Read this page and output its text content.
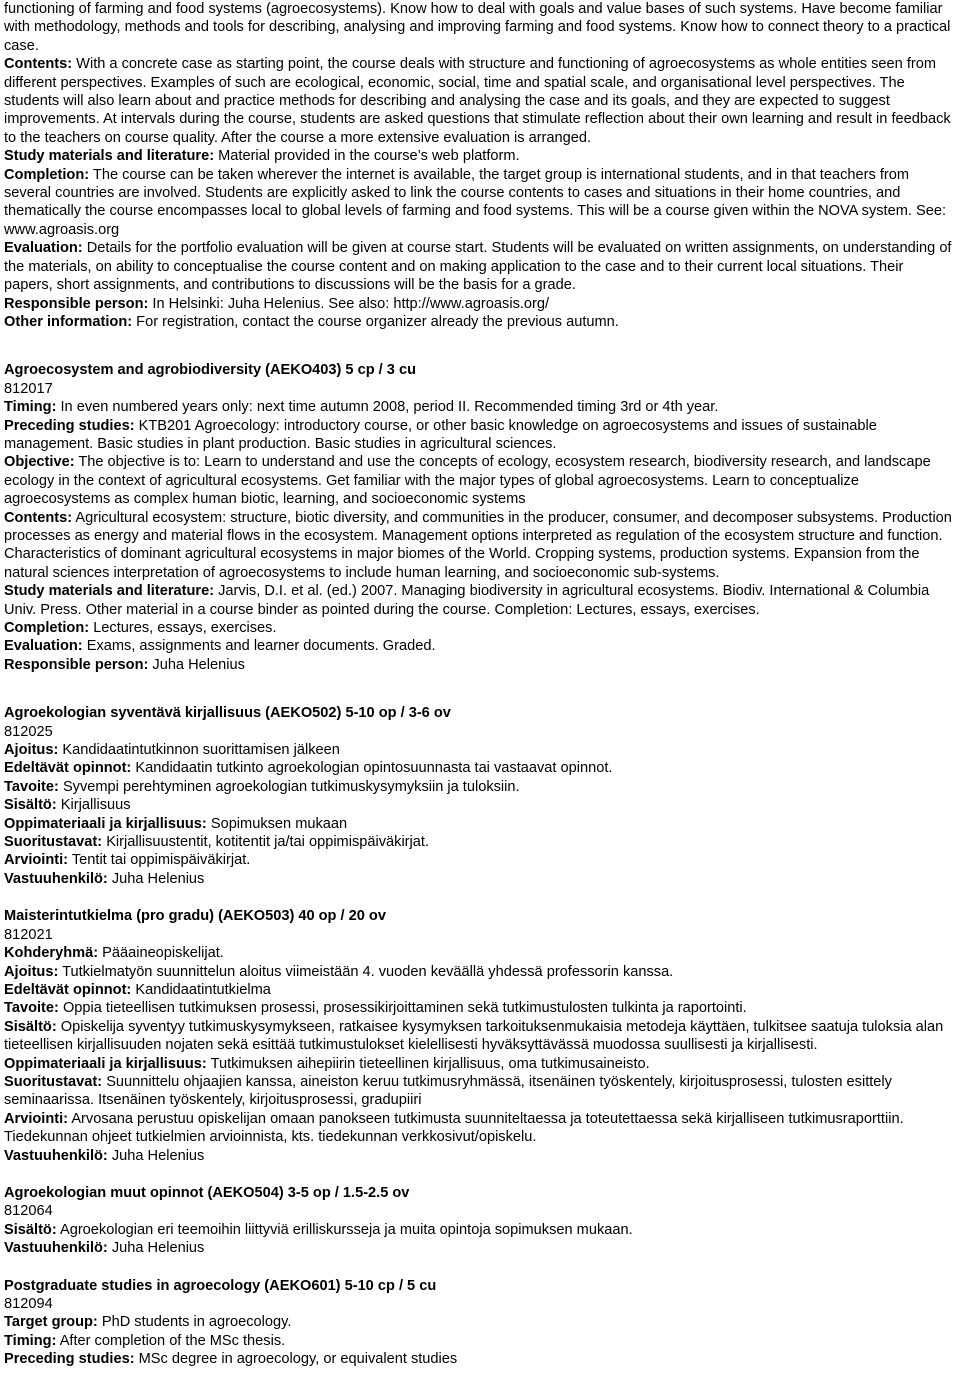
functioning of farming and food systems (agroecosystems). Know how to deal with goals and value bases of such systems. Have become familiar with methodology, methods and tools for describing, analysing and improving farming and food systems. Know how to connect theory to a practical case.

Contents: With a concrete case as starting point, the course deals with structure and functioning of agroecosystems as whole entities seen from different perspectives. Examples of such are ecological, economic, social, time and spatial scale, and organisational level perspectives. The students will also learn about and practice methods for describing and analysing the case and its goals, and they are expected to suggest improvements. At intervals during the course, students are asked questions that stimulate reflection about their own learning and result in feedback to the teachers on course quality. After the course a more extensive evaluation is arranged.

Study materials and literature: Material provided in the course’s web platform.

Completion: The course can be taken wherever the internet is available, the target group is international students, and in that teachers from several countries are involved. Students are explicitly asked to link the course contents to cases and situations in their home countries, and thematically the course encompasses local to global levels of farming and food systems. This will be a course given within the NOVA system. See: www.agroasis.org

Evaluation: Details for the portfolio evaluation will be given at course start. Students will be evaluated on written assignments, on understanding of the materials, on ability to conceptualise the course content and on making application to the case and to their current local situations. Their papers, short assignments, and contributions to discussions will be the basis for a grade.

Responsible person: In Helsinki: Juha Helenius. See also: http://www.agroasis.org/

Other information: For registration, contact the course organizer already the previous autumn.

Agroecosystem and agrobiodiversity (AEKO403) 5 cp / 3 cu

812017

Timing: In even numbered years only: next time autumn 2008, period II. Recommended timing 3rd or 4th year.

Preceding studies: KTB201 Agroecology: introductory course, or other basic knowledge on agroecosystems and issues of sustainable management. Basic studies in plant production. Basic studies in agricultural sciences.

Objective: The objective is to: Learn to understand and use the concepts of ecology, ecosystem research, biodiversity research, and landscape ecology in the context of agricultural ecosystems. Get familiar with the major types of global agroecosystems. Learn to conceptualize agroecosystems as complex human biotic, learning, and socioeconomic systems

Contents: Agricultural ecosystem: structure, biotic diversity, and communities in the producer, consumer, and decomposer subsystems. Production processes as energy and material flows in the ecosystem. Management options interpreted as regulation of the ecosystem structure and function. Characteristics of dominant agricultural ecosystems in major biomes of the World. Cropping systems, production systems. Expansion from the natural sciences interpretation of agroecosystems to include human learning, and socioeconomic sub-systems.

Study materials and literature: Jarvis, D.I. et al. (ed.) 2007. Managing biodiversity in agricultural ecosystems. Biodiv. International & Columbia Univ. Press. Other material in a course binder as pointed during the course. Completion: Lectures, essays, exercises.

Completion: Lectures, essays, exercises.

Evaluation: Exams, assignments and learner documents. Graded.

Responsible person: Juha Helenius

Agroekologian syventävä kirjallisuus (AEKO502) 5-10 op / 3-6 ov

812025

Ajoitus: Kandidaatintutkinnon suorittamisen jälkeen

Edeltävät opinnot: Kandidaatin tutkinto agroekologian opintosuunnasta tai vastaavat opinnot.

Tavoite: Syvempi perehtyminen agroekologian tutkimuskysymyksiin ja tuloksiin.

Sisältö: Kirjallisuus

Oppimateriaali ja kirjallisuus: Sopimuksen mukaan

Suoritustavat: Kirjallisuustentit, kotitentit ja/tai oppimispäiväkirjat.

Arviointi: Tentit tai oppimispäiväkirjat.

Vastuuhenkilö: Juha Helenius

Maisterintutkielma (pro gradu) (AEKO503) 40 op / 20 ov

812021

Kohderyhmä: Pääaineopiskelijat.

Ajoitus: Tutkielmatyön suunnittelun aloitus viimeistään 4. vuoden keväällä yhdessä professorin kanssa.

Edeltävät opinnot: Kandidaatintutkielma

Tavoite: Oppia tieteellisen tutkimuksen prosessi, prosessikirjoittaminen sekä tutkimustulosten tulkinta ja raportointi.

Sisältö: Opiskelija syventyy tutkimuskysymykseen, ratkaisee kysymyksen tarkoituksenmukaisia metodeja käyttäen, tulkitsee saatuja tuloksia alan tieteellisen kirjallisuuden nojaten sekä esittää tutkimustulokset kielellisesti hyväksyttävässä muodossa suullisesti ja kirjallisesti.

Oppimateriaali ja kirjallisuus: Tutkimuksen aihepiirin tieteellinen kirjallisuus, oma tutkimusaineisto.

Suoritustavat: Suunnittelu ohjaajien kanssa, aineiston keruu tutkimusryhmässä, itsenäinen työskentely, kirjoitusprosessi, tulosten esittely seminaarissa. Itsenäinen työskentely, kirjoitusprosessi, gradupiiri

Arviointi: Arvosana perustuu opiskelijan omaan panokseen tutkimusta suunniteltaessa ja toteutettaessa sekä kirjalliseen tutkimusraporttiin. Tiedekunnan ohjeet tutkielmien arvioinnista, kts. tiedekunnan verkkosivut/opiskelu.

Vastuuhenkilö: Juha Helenius

Agroekologian muut opinnot (AEKO504) 3-5 op / 1.5-2.5 ov

812064

Sisältö: Agroekologian eri teemoihin liittyviä erilliskursseja ja muita opintoja sopimuksen mukaan.

Vastuuhenkilö: Juha Helenius

Postgraduate studies in agroecology (AEKO601) 5-10 cp / 5 cu

812094

Target group: PhD students in agroecology.

Timing: After completion of the MSc thesis.

Preceding studies: MSc degree in agroecology, or equivalent studies
